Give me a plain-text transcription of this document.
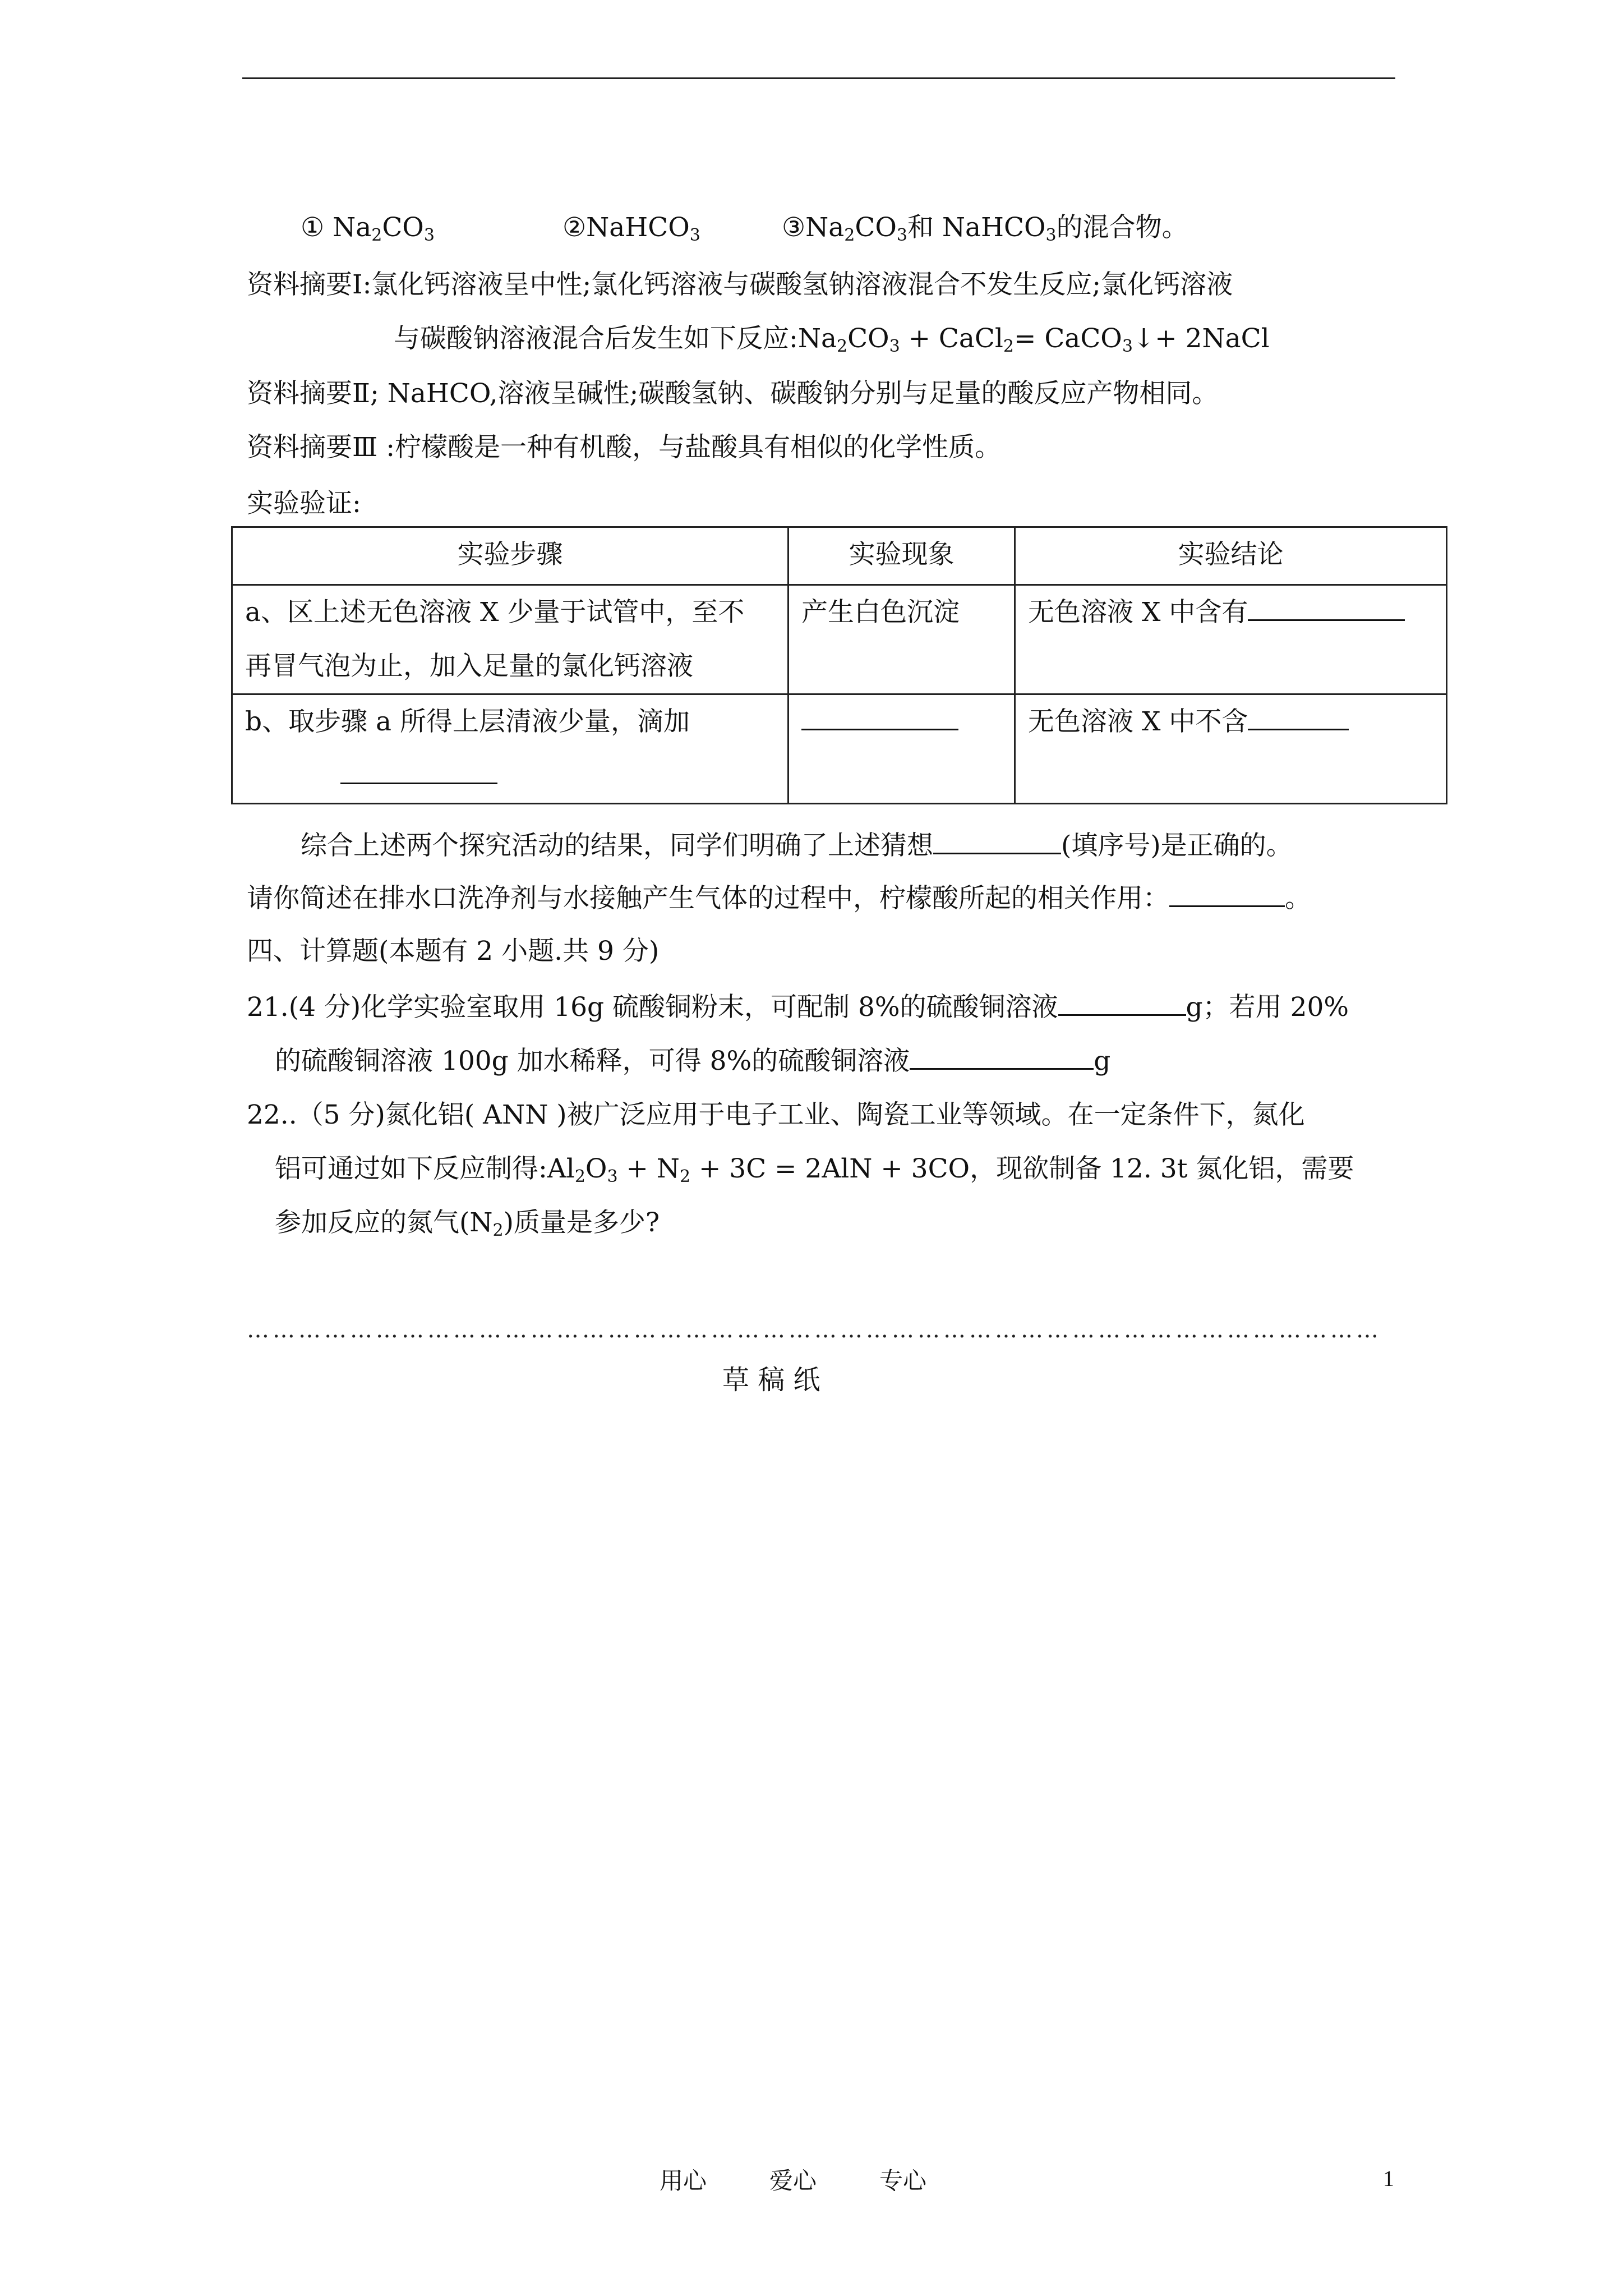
① $Na_2CO_3$	②NaHCO$_3$	$③Na_2CO_3$和 NaHCO$_3$的混合物。
资料摘要Ⅰ:氯化钙溶液呈中性;氯化钙溶液与碳酸氢钠溶液混合不发生反应;氯化钙溶液
与碳酸钠溶液混合后发生如下反应$:Na_2CO_3$ + CaCl$_2$= CaCO$_3$↓+ 2NaCl
资料摘要Ⅱ; NaHCO,溶液呈碱性;碳酸氢钠、碳酸钠分别与足量的酸反应产物相同。
资料摘要Ⅲ :柠檬酸是一种有机酸，与盐酸具有相似的化学性质。
实验验证:
实验步骤	实验现象	实验结论

a、区上述无色溶液 X 少量于试管中，至不
再冒气泡为止，加入足量的氯化钙溶液	产生白色沉淀	无色溶液 X 中含有

b、取步骤 a 所得上层清液少量，滴加		无色溶液 X 中不含
综合上述两个探究活动的结果，同学们明确了上述猜想	(填序号)是正确的。
请你简述在排水口洗净剂与水接触产生气体的过程中，柠檬酸所起的相关作用：	。
四、计算题(本题有 2 小题.共 9 分)
21.(4 分)化学实验室取用 16g 硫酸铜粉末，可配制 8%的硫酸铜溶液	g；若用 20%
的硫酸铜溶液 100g 加水稀释，可得 8%的硫酸铜溶液	g
22..（5 分)氮化铝( ANN )被广泛应用于电子工业、陶瓷工业等领域。在一定条件下，氮化
铝可通过如下反应制得$:Al_2O_3 + N_2 + 3C = 2AlN + 3CO$，现欲制备 12. 3t 氮化铝，需要
参加反应的氮气$(N_2)$质量是多少?
……………………………………………………………………………………………………………………
草 稿 纸
用心	爱心	专心	1
